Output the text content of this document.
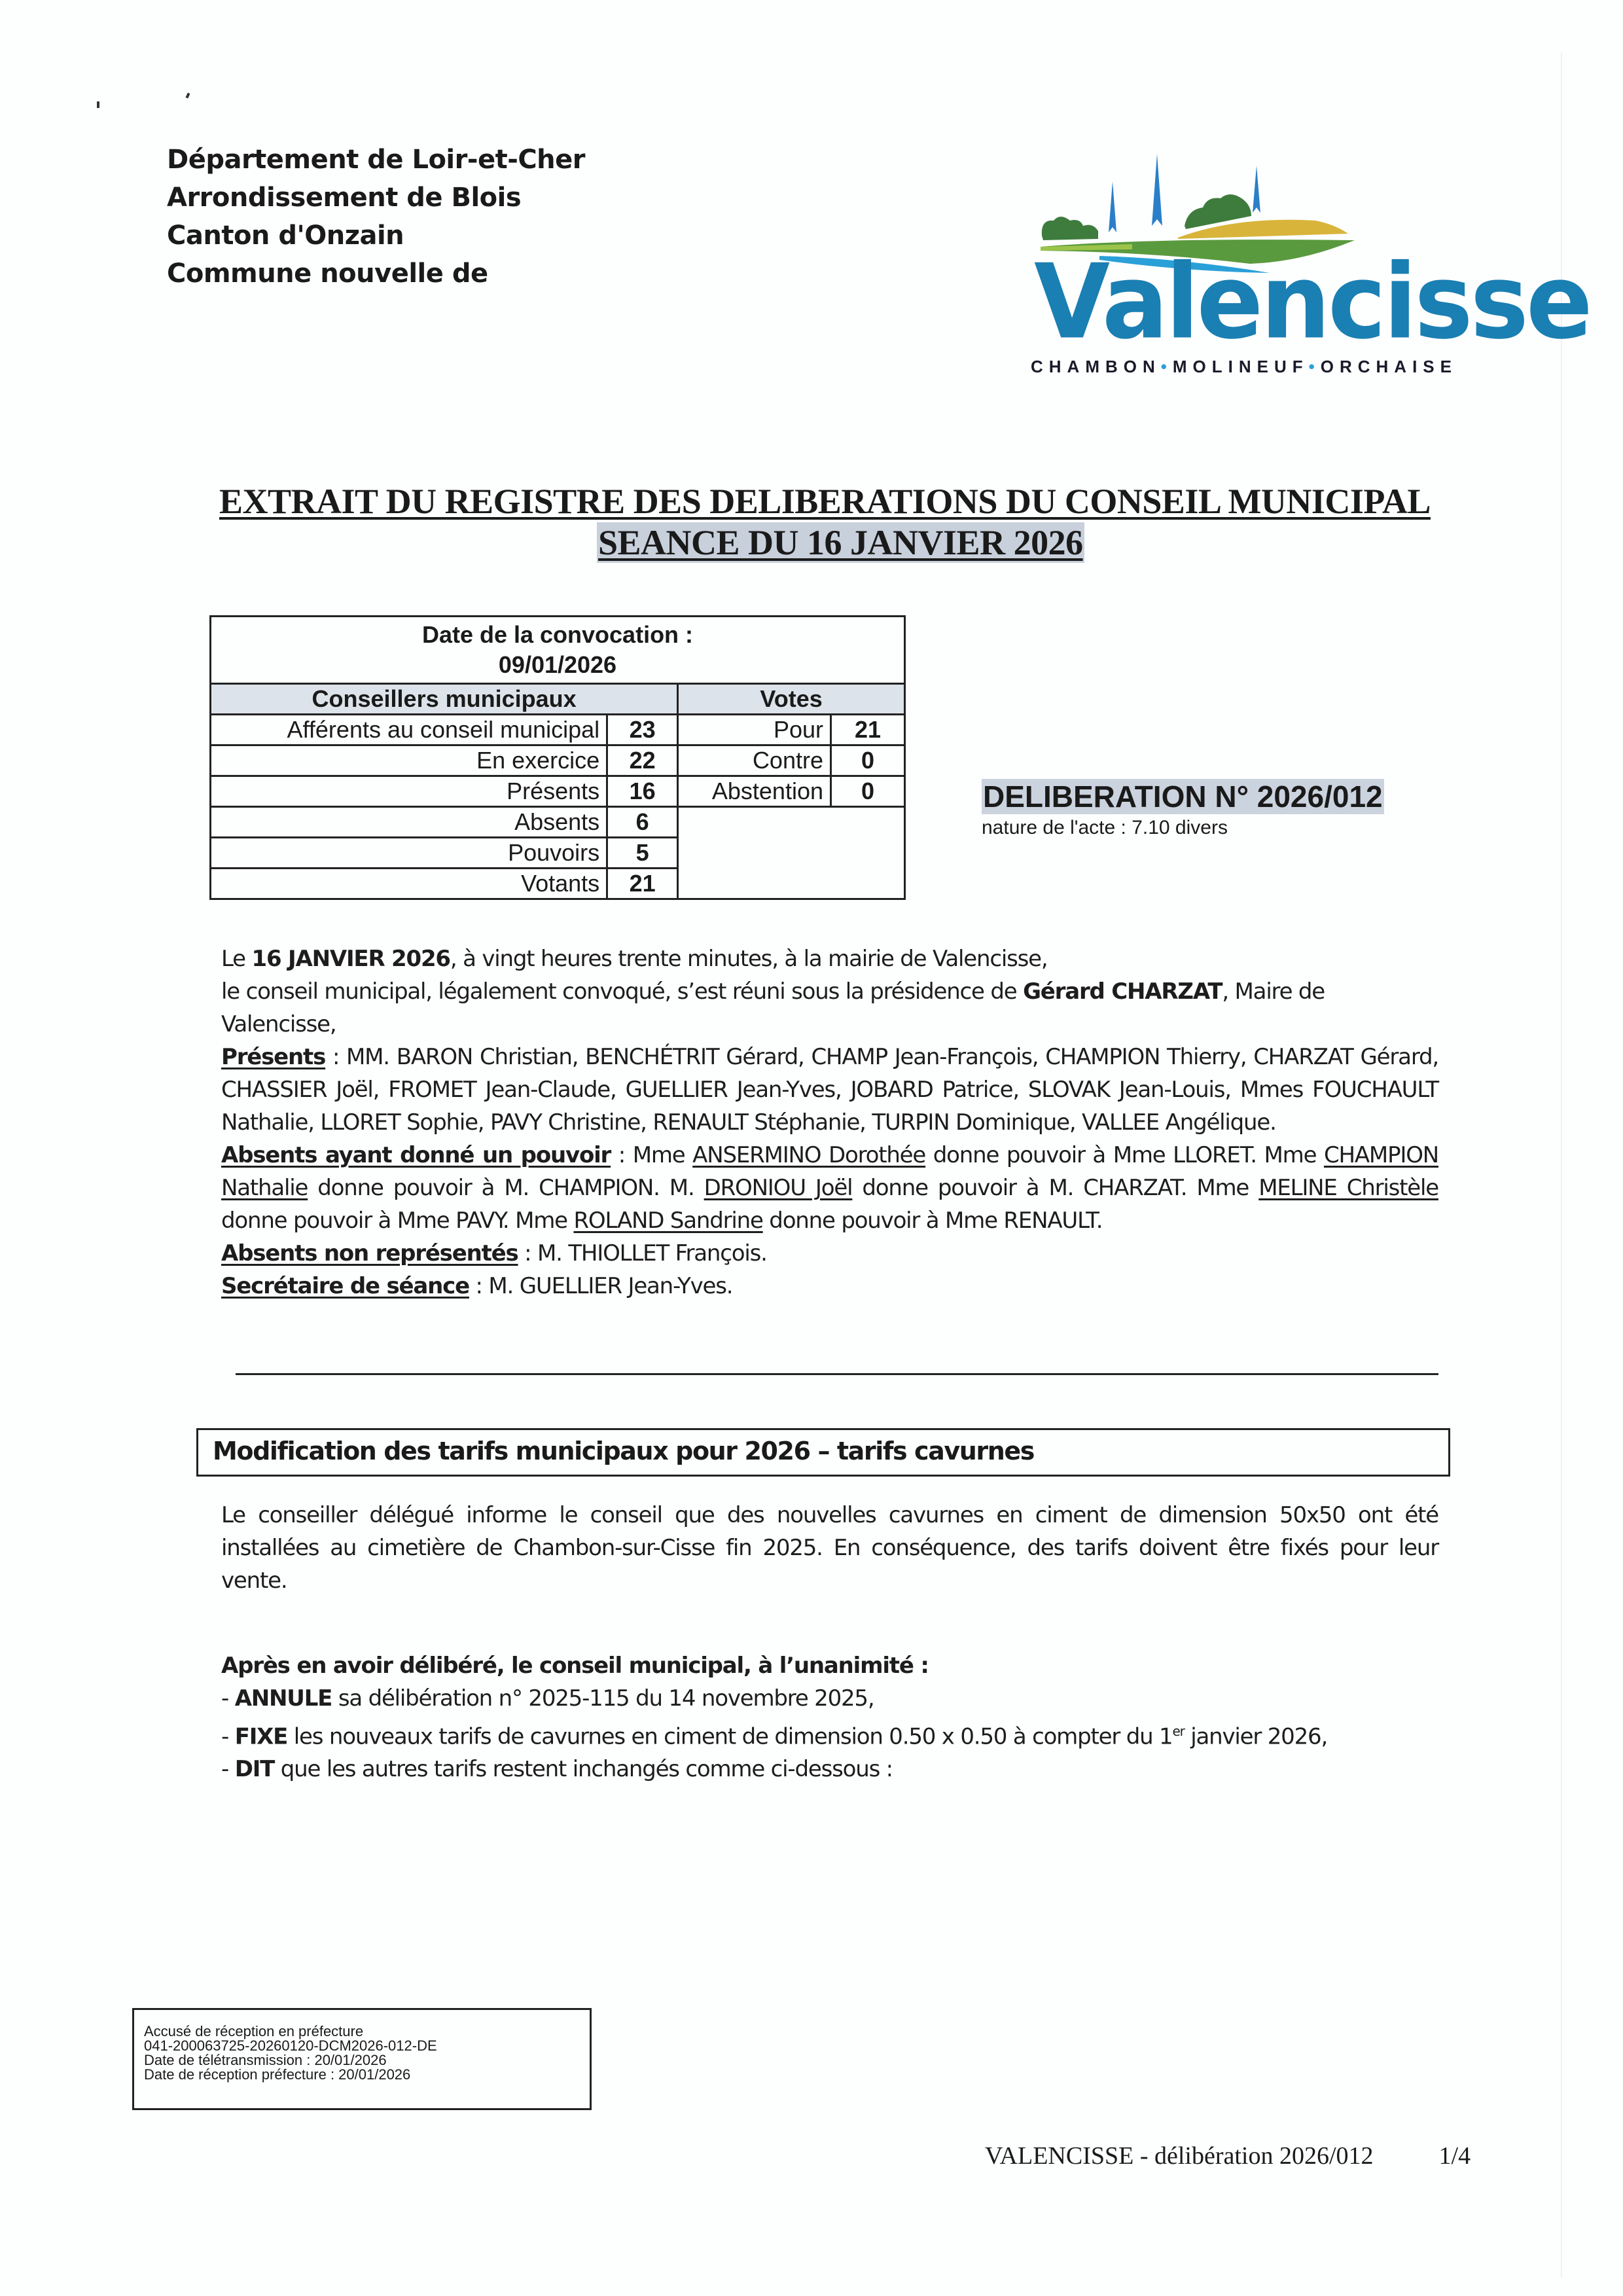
Département de Loir-et-Cher
Arrondissement de Blois
Canton d'Onzain
Commune nouvelle de	Valencisse
CHAMBON•MOLINEUF•ORCHAISE
EXTRAIT DU REGISTRE DES DELIBERATIONS DU CONSEIL MUNICIPAL
SEANCE DU 16 JANVIER 2026
Date de la convocation :
09/01/2026			

Conseillers municipaux		Votes	
Afférents au conseil municipal	23	Pour	21
En exercice	22	Contre	0
Présents	16	Abstention	0
Absents	6		
Pouvoirs	5		
Votants	21		
DELIBERATION N° 2026/012
nature de l'acte : 7.10 divers

Le 16 JANVIER 2026, à vingt heures trente minutes, à la mairie de Valencisse,

le conseil municipal, légalement convoqué, s’est réuni sous la présidence de Gérard CHARZAT, Maire de Valencisse,

Présents : MM. BARON Christian, BENCHÉTRIT Gérard, CHAMP Jean-François, CHAMPION Thierry, CHARZAT Gérard, CHASSIER Joël, FROMET Jean-Claude, GUELLIER Jean-Yves, JOBARD Patrice, SLOVAK Jean-Louis, Mmes FOUCHAULT Nathalie, LLORET Sophie, PAVY Christine, RENAULT Stéphanie, TURPIN Dominique, VALLEE Angélique.

Absents ayant donné un pouvoir : Mme ANSERMINO Dorothée donne pouvoir à Mme LLORET. Mme CHAMPION Nathalie donne pouvoir à M. CHAMPION. M. DRONIOU Joël donne pouvoir à M. CHARZAT. Mme MELINE Christèle donne pouvoir à Mme PAVY. Mme ROLAND Sandrine donne pouvoir à Mme RENAULT.

Absents non représentés : M. THIOLLET François.

Secrétaire de séance : M. GUELLIER Jean-Yves.

Modification des tarifs municipaux pour 2026 – tarifs cavurnes

Le conseiller délégué informe le conseil que des nouvelles cavurnes en ciment de dimension 50x50 ont été installées au cimetière de Chambon-sur-Cisse fin 2025. En conséquence, des tarifs doivent être fixés pour leur vente.

Après en avoir délibéré, le conseil municipal, à l’unanimité :

- ANNULE sa délibération n° 2025-115 du 14 novembre 2025,

- FIXE les nouveaux tarifs de cavurnes en ciment de dimension 0.50 x 0.50 à compter du 1er janvier 2026,

- DIT que les autres tarifs restent inchangés comme ci-dessous :

Accusé de réception en préfecture
041-200063725-20260120-DCM2026-012-DE
Date de télétransmission : 20/01/2026
Date de réception préfecture : 20/01/2026
VALENCISSE - délibération 2026/012	1/4
